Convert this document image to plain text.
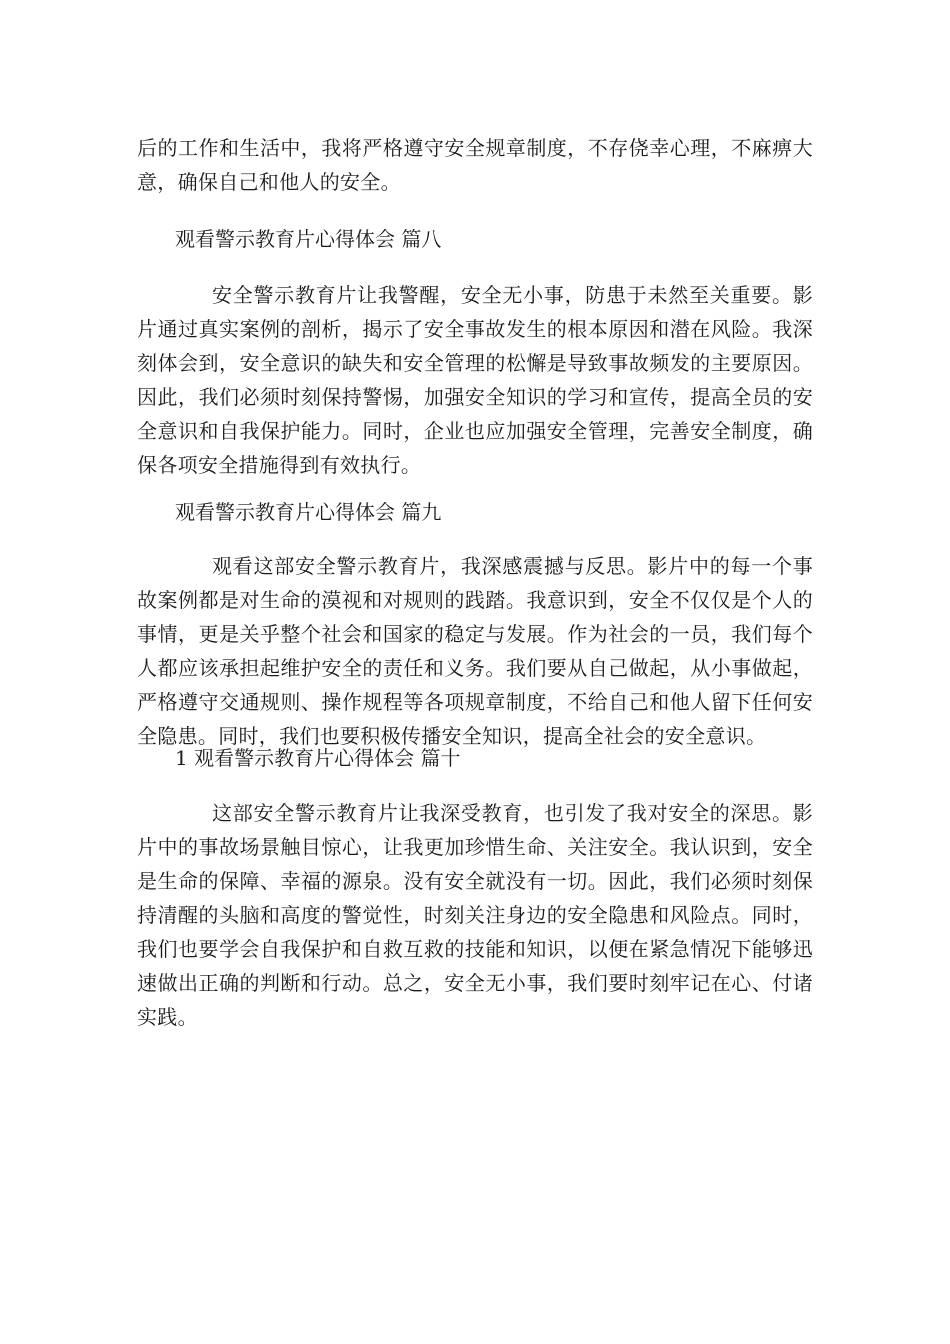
后的工作和生活中，我将严格遵守安全规章制度，不存侥幸心理，不麻痹大意，确保自己和他人的安全。

观看警示教育片心得体会 篇八

安全警示教育片让我警醒，安全无小事，防患于未然至关重要。影片通过真实案例的剖析，揭示了安全事故发生的根本原因和潜在风险。我深刻体会到，安全意识的缺失和安全管理的松懈是导致事故频发的主要原因。因此，我们必须时刻保持警惕，加强安全知识的学习和宣传，提高全员的安全意识和自我保护能力。同时，企业也应加强安全管理，完善安全制度，确保各项安全措施得到有效执行。

观看警示教育片心得体会 篇九

观看这部安全警示教育片，我深感震撼与反思。影片中的每一个事故案例都是对生命的漠视和对规则的践踏。我意识到，安全不仅仅是个人的事情，更是关乎整个社会和国家的稳定与发展。作为社会的一员，我们每个人都应该承担起维护安全的责任和义务。我们要从自己做起，从小事做起，严格遵守交通规则、操作规程等各项规章制度，不给自己和他人留下任何安全隐患。同时，我们也要积极传播安全知识，提高全社会的安全意识。

1 观看警示教育片心得体会 篇十

这部安全警示教育片让我深受教育，也引发了我对安全的深思。影片中的事故场景触目惊心，让我更加珍惜生命、关注安全。我认识到，安全是生命的保障、幸福的源泉。没有安全就没有一切。因此，我们必须时刻保持清醒的头脑和高度的警觉性，时刻关注身边的安全隐患和风险点。同时，我们也要学会自我保护和自救互救的技能和知识，以便在紧急情况下能够迅速做出正确的判断和行动。总之，安全无小事，我们要时刻牢记在心、付诸实践。
